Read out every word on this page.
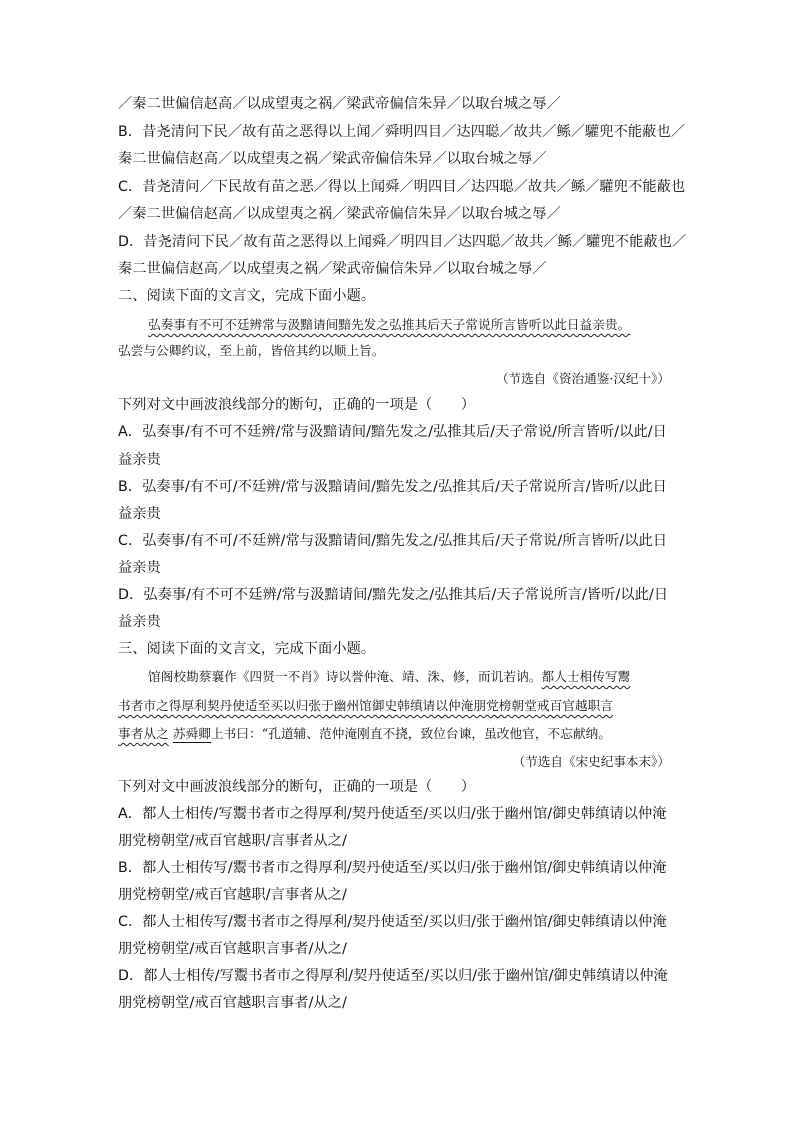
／秦二世偏信赵高／以成望夷之祸／梁武帝偏信朱异／以取台城之辱／
B．昔尧清问下民／故有苗之恶得以上闻／舜明四目／达四聪／故共／鲧／驩兜不能蔽也／
秦二世偏信赵高／以成望夷之祸／梁武帝偏信朱异／以取台城之辱／
C．昔尧清问／下民故有苗之恶／得以上闻舜／明四目／达四聪／故共／鲧／驩兜不能蔽也
／秦二世偏信赵高／以成望夷之祸／梁武帝偏信朱异／以取台城之辱／
D．昔尧清问下民／故有苗之恶得以上闻舜／明四目／达四聪／故共／鲧／驩兜不能蔽也／
秦二世偏信赵高／以成望夷之祸／梁武帝偏信朱异／以取台城之辱／
二、阅读下面的文言文，完成下面小题。
弘奏事有不可不廷辨常与汲黯请间黯先发之弘推其后天子常说所言皆听以此日益亲贵。
弘尝与公卿约议，至上前，皆倍其约以顺上旨。
（节选自《资治通鉴·汉纪十》）
下列对文中画波浪线部分的断句，正确的一项是（　　）
A．弘奏事/有不可不廷辨/常与汲黯请间/黯先发之/弘推其后/天子常说/所言皆听/以此/日
益亲贵
B．弘奏事/有不可/不廷辨/常与汲黯请间/黯先发之/弘推其后/天子常说所言/皆听/以此日
益亲贵
C．弘奏事/有不可/不廷辨/常与汲黯请间/黯先发之/弘推其后/天子常说/所言皆听/以此日
益亲贵
D．弘奏事/有不可不廷辨/常与汲黯请间/黯先发之/弘推其后/天子常说所言/皆听/以此/日
益亲贵
三、阅读下面的文言文，完成下面小题。
馆阁校勘蔡襄作《四贤一不肖》诗以誉仲淹、靖、洙、修，而讥若讷。都人士相传写鬻
书者市之得厚利契丹使适至买以归张于幽州馆御史韩缜请以仲淹朋党榜朝堂戒百官越职言
事者从之 苏舜卿上书曰：“孔道辅、范仲淹刚直不挠，致位台谏，虽改他官，不忘献纳。
（节选自《宋史纪事本末》）
下列对文中画波浪线部分的断句，正确的一项是（　　）
A．都人士相传/写鬻书者市之得厚利/契丹使适至/买以归/张于幽州馆/御史韩缜请以仲淹
朋党榜朝堂/戒百官越职/言事者从之/
B．都人士相传写/鬻书者市之得厚利/契丹使适至/买以归/张于幽州馆/御史韩缜请以仲淹
朋党榜朝堂/戒百官越职/言事者从之/
C．都人士相传写/鬻书者市之得厚利/契丹使适至/买以归/张于幽州馆/御史韩缜请以仲淹
朋党榜朝堂/戒百官越职言事者/从之/
D．都人士相传/写鬻书者市之得厚利/契丹使适至/买以归/张于幽州馆/御史韩缜请以仲淹
朋党榜朝堂/戒百官越职言事者/从之/
